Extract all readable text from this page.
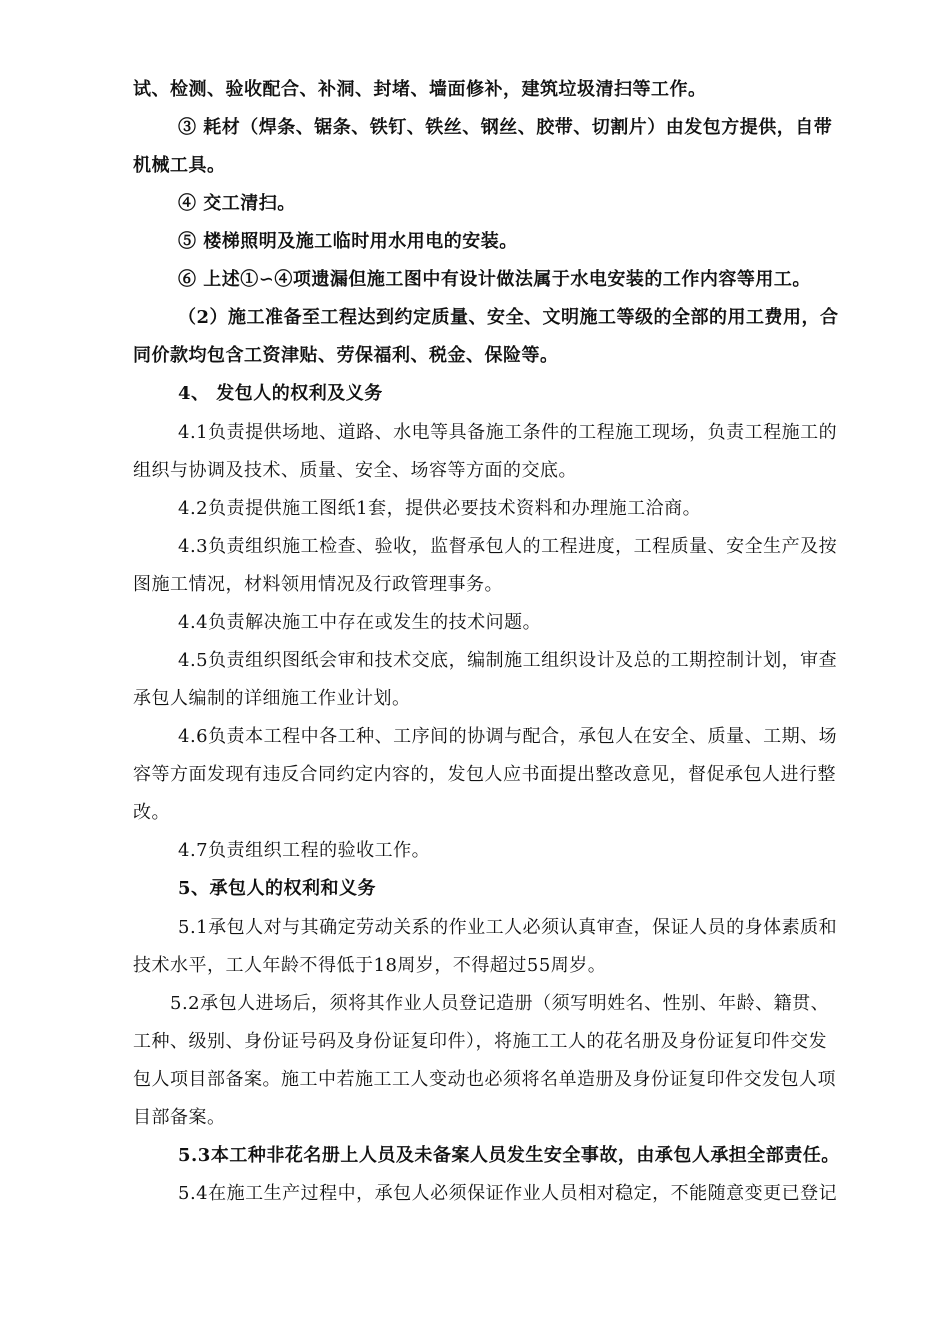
试、检测、验收配合、补洞、封堵、墙面修补，建筑垃圾清扫等工作。
③ 耗材（焊条、锯条、铁钉、铁丝、钢丝、胶带、切割片）由发包方提供，自带
机械工具。
④ 交工清扫。
⑤ 楼梯照明及施工临时用水用电的安装。
⑥ 上述①∽④项遗漏但施工图中有设计做法属于水电安装的工作内容等用工。
（2）施工准备至工程达到约定质量、安全、文明施工等级的全部的用工费用，合
同价款均包含工资津贴、劳保福利、税金、保险等。
4、 发包人的权利及义务
4.1负责提供场地、道路、水电等具备施工条件的工程施工现场，负责工程施工的
组织与协调及技术、质量、安全、场容等方面的交底。
4.2负责提供施工图纸1套，提供必要技术资料和办理施工洽商。
4.3负责组织施工检查、验收，监督承包人的工程进度，工程质量、安全生产及按
图施工情况，材料领用情况及行政管理事务。
4.4负责解决施工中存在或发生的技术问题。
4.5负责组织图纸会审和技术交底，编制施工组织设计及总的工期控制计划，审查
承包人编制的详细施工作业计划。
4.6负责本工程中各工种、工序间的协调与配合，承包人在安全、质量、工期、场
容等方面发现有违反合同约定内容的，发包人应书面提出整改意见，督促承包人进行整
改。
4.7负责组织工程的验收工作。
5、承包人的权利和义务
5.1承包人对与其确定劳动关系的作业工人必须认真审查，保证人员的身体素质和
技术水平，工人年龄不得低于18周岁，不得超过55周岁。
5.2承包人进场后，须将其作业人员登记造册（须写明姓名、性别、年龄、籍贯、
工种、级别、身份证号码及身份证复印件），将施工工人的花名册及身份证复印件交发
包人项目部备案。施工中若施工工人变动也必须将名单造册及身份证复印件交发包人项
目部备案。
5.3本工种非花名册上人员及未备案人员发生安全事故，由承包人承担全部责任。
5.4在施工生产过程中，承包人必须保证作业人员相对稳定，不能随意变更已登记
